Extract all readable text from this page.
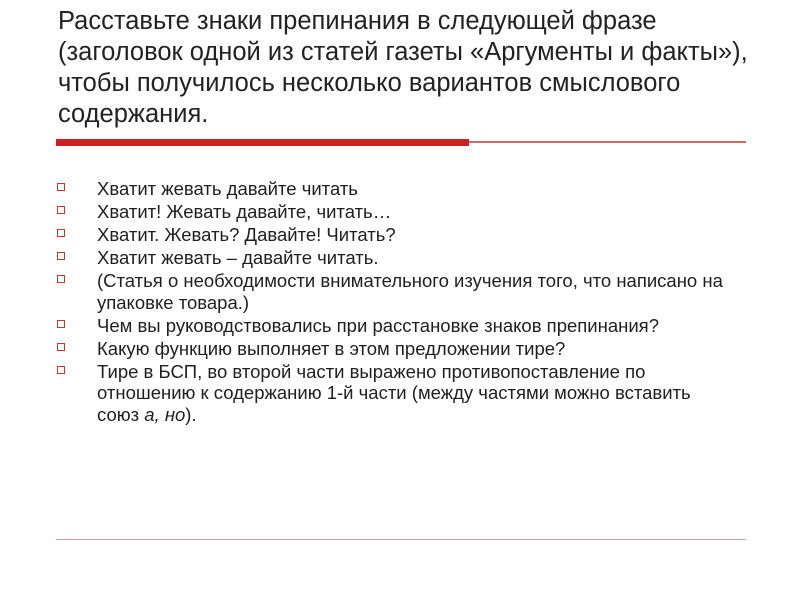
Расставьте знаки препинания в следующей фразе (заголовок одной из статей газеты «Аргументы и факты»), чтобы получилось несколько вариантов смыслового содержания.
Хватит жевать давайте читать
Хватит! Жевать давайте, читать…
Хватит. Жевать? Давайте! Читать?
Хватит жевать – давайте читать.
(Статья о необходимости внимательного изучения того, что написано на упаковке товара.)
Чем вы руководствовались при расстановке знаков препинания?
Какую функцию выполняет в этом предложении тире?
Тире в БСП, во второй части выражено противопоставление по отношению к содержанию 1-й части (между частями можно вставить союз а, но).
